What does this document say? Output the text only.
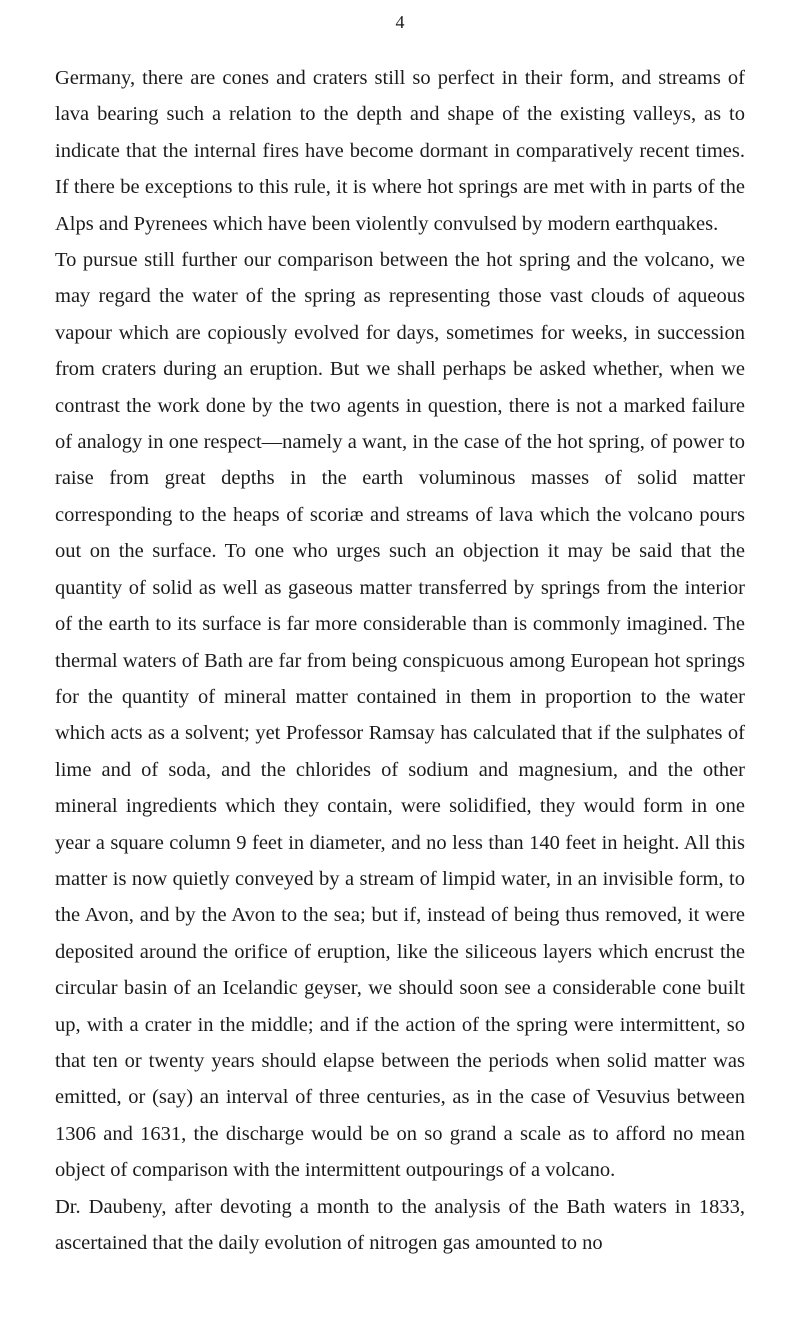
4

Germany, there are cones and craters still so perfect in their form, and streams of lava bearing such a relation to the depth and shape of the existing valleys, as to indicate that the internal fires have become dormant in comparatively recent times. If there be exceptions to this rule, it is where hot springs are met with in parts of the Alps and Pyrenees which have been violently convulsed by modern earthquakes.

To pursue still further our comparison between the hot spring and the volcano, we may regard the water of the spring as representing those vast clouds of aqueous vapour which are copiously evolved for days, sometimes for weeks, in succession from craters during an eruption. But we shall perhaps be asked whether, when we contrast the work done by the two agents in question, there is not a marked failure of analogy in one respect—namely a want, in the case of the hot spring, of power to raise from great depths in the earth voluminous masses of solid matter corresponding to the heaps of scoriæ and streams of lava which the volcano pours out on the surface. To one who urges such an objection it may be said that the quantity of solid as well as gaseous matter transferred by springs from the interior of the earth to its surface is far more considerable than is commonly imagined. The thermal waters of Bath are far from being conspicuous among European hot springs for the quantity of mineral matter contained in them in proportion to the water which acts as a solvent; yet Professor Ramsay has calculated that if the sulphates of lime and of soda, and the chlorides of sodium and magnesium, and the other mineral ingredients which they contain, were solidified, they would form in one year a square column 9 feet in diameter, and no less than 140 feet in height. All this matter is now quietly conveyed by a stream of limpid water, in an invisible form, to the Avon, and by the Avon to the sea; but if, instead of being thus removed, it were deposited around the orifice of eruption, like the siliceous layers which encrust the circular basin of an Icelandic geyser, we should soon see a considerable cone built up, with a crater in the middle; and if the action of the spring were intermittent, so that ten or twenty years should elapse between the periods when solid matter was emitted, or (say) an interval of three centuries, as in the case of Vesuvius between 1306 and 1631, the discharge would be on so grand a scale as to afford no mean object of comparison with the intermittent outpourings of a volcano.

Dr. Daubeny, after devoting a month to the analysis of the Bath waters in 1833, ascertained that the daily evolution of nitrogen gas amounted to no
